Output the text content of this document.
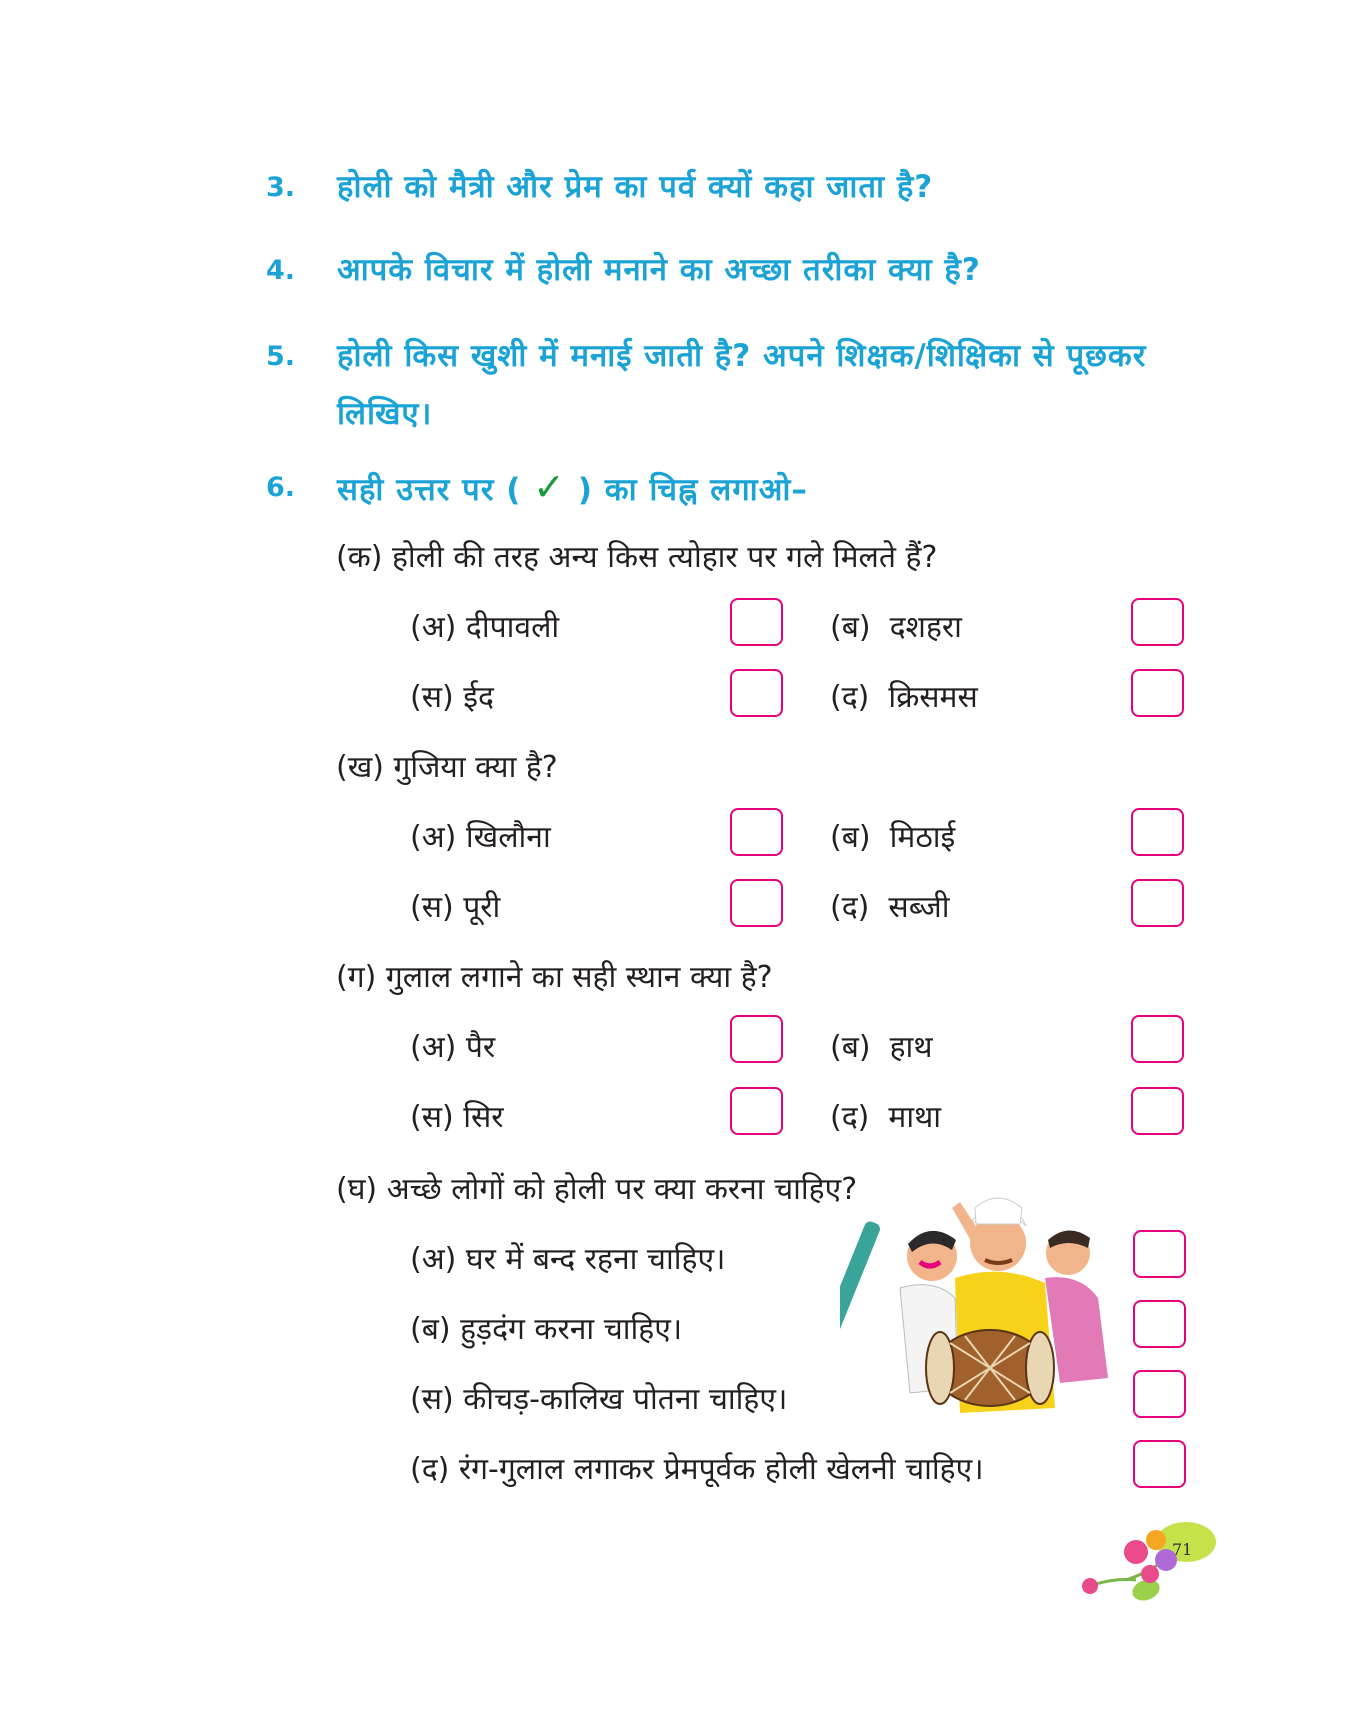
3. होली को मैत्री और प्रेम का पर्व क्यों कहा जाता है?
4. आपके विचार में होली मनाने का अच्छा तरीका क्या है?
5. होली किस खुशी में मनाई जाती है? अपने शिक्षक/शिक्षिका से पूछकर लिखिए।
6. सही उत्तर पर ( ✓ ) का चिह्न लगाओ–
(क) होली की तरह अन्य किस त्योहार पर गले मिलते हैं?
(अ) दीपावली	(ब) दशहरा
(स) ईद	(द) क्रिसमस
(ख) गुजिया क्या है?
(अ) खिलौना	(ब) मिठाई
(स) पूरी	(द) सब्जी
(ग) गुलाल लगाने का सही स्थान क्या है?
(अ) पैर	(ब) हाथ
(स) सिर	(द) माथा
(घ) अच्छे लोगों को होली पर क्या करना चाहिए?
(अ) घर में बन्द रहना चाहिए।
(ब) हुड़दंग करना चाहिए।
(स) कीचड़-कालिख पोतना चाहिए।
(द) रंग-गुलाल लगाकर प्रेमपूर्वक होली खेलनी चाहिए।
71
